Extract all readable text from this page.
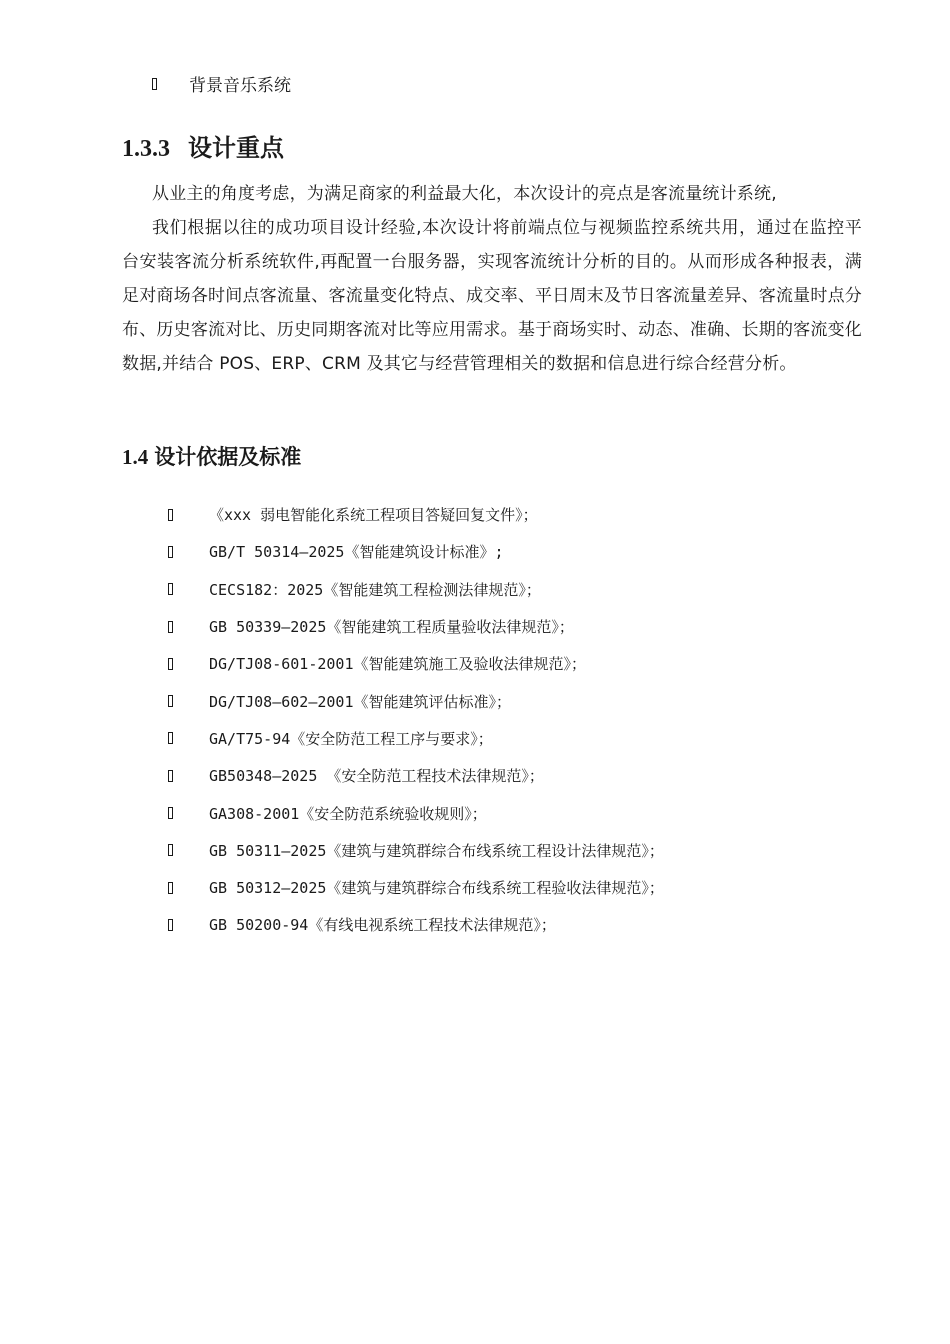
背景音乐系统
1.3.3 设计重点
从业主的角度考虑，为满足商家的利益最大化，本次设计的亮点是客流量统计系统,
我们根据以往的成功项目设计经验,本次设计将前端点位与视频监控系统共用，通过在监控平台安装客流分析系统软件,再配置一台服务器，实现客流统计分析的目的。从而形成各种报表，满足对商场各时间点客流量、客流量变化特点、成交率、平日周末及节日客流量差异、客流量时点分布、历史客流对比、历史同期客流对比等应用需求。基于商场实时、动态、准确、长期的客流变化数据,并结合 POS、ERP、CRM 及其它与经营管理相关的数据和信息进行综合经营分析。
1.4 设计依据及标准
《xxx 弱电智能化系统工程项目答疑回复文件》；
GB/T 50314—2025《智能建筑设计标准》;
CECS182：2025《智能建筑工程检测法律规范》；
GB 50339—2025《智能建筑工程质量验收法律规范》；
DG/TJ08-601-2001《智能建筑施工及验收法律规范》；
DG/TJ08—602—2001《智能建筑评估标准》；
GA/T75-94《安全防范工程工序与要求》；
GB50348—2025 《安全防范工程技术法律规范》；
GA308-2001《安全防范系统验收规则》；
GB 50311—2025《建筑与建筑群综合布线系统工程设计法律规范》；
GB 50312—2025《建筑与建筑群综合布线系统工程验收法律规范》；
GB 50200-94《有线电视系统工程技术法律规范》；
